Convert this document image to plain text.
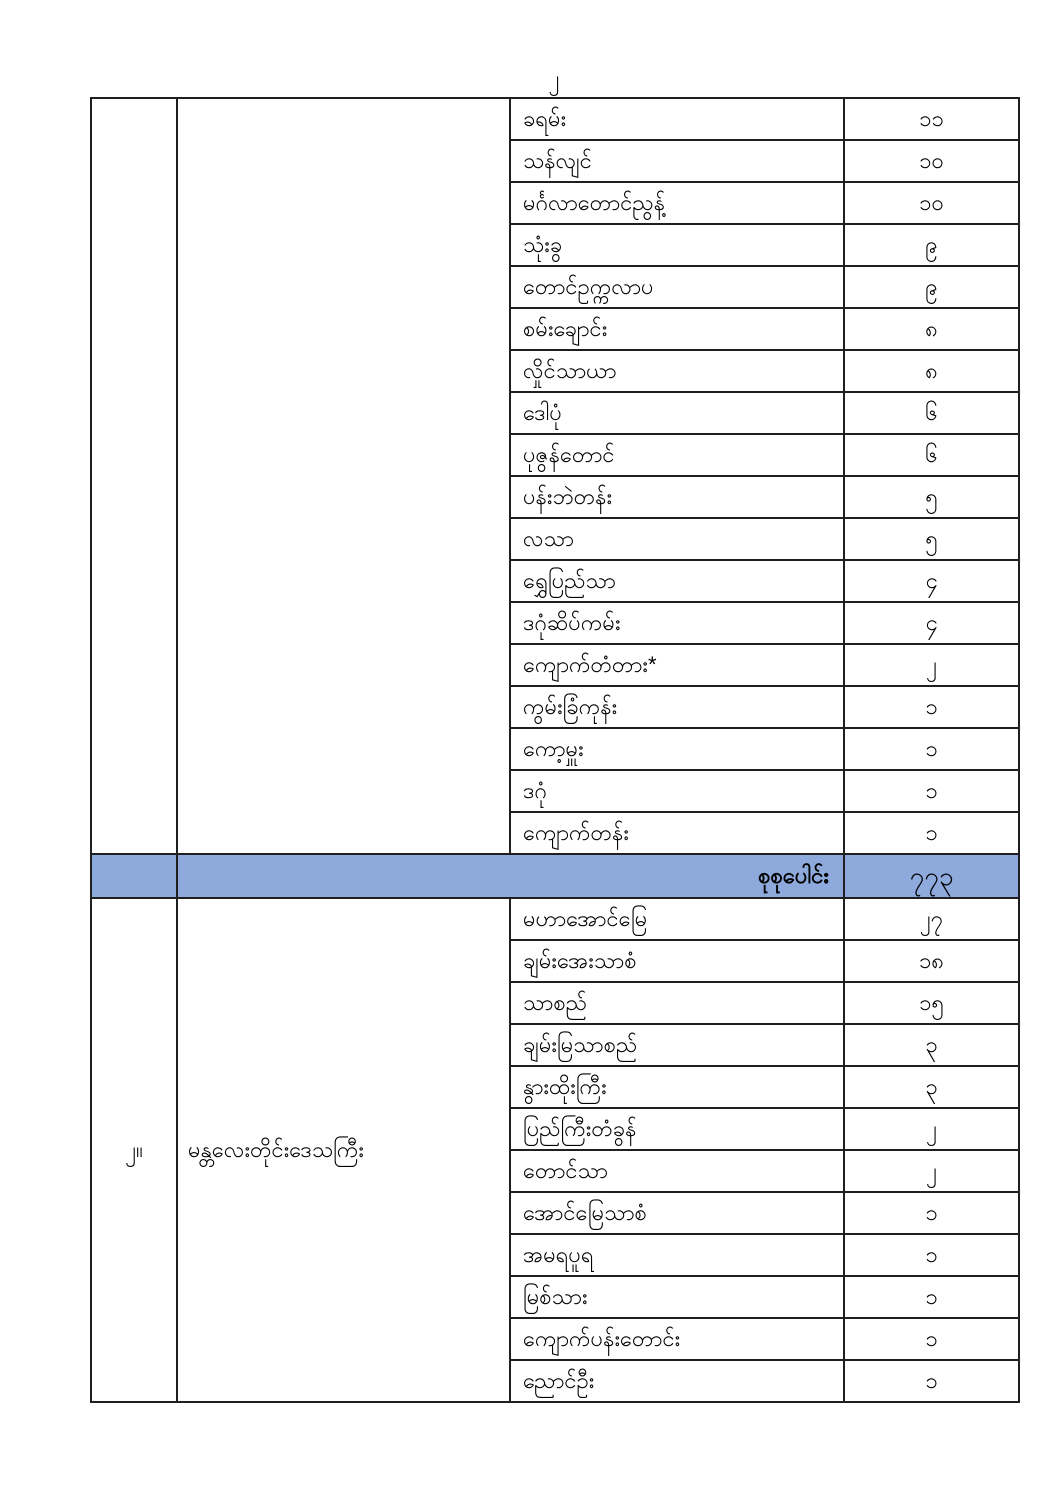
၂
		ခရမ်း	၁၁
		သန်လျင်	၁၀
		မင်္ဂလာတောင်ညွန့်	၁၀
		သုံးခွ	၉
		တောင်ဥက္ကလာပ	၉
		စမ်းချောင်း	၈
		လှိုင်သာယာ	၈
		ဒေါပုံ	၆
		ပုဇွန်တောင်	၆
		ပန်းဘဲတန်း	၅
		လသာ	၅
		ရွှေပြည်သာ	၄
		ဒဂုံဆိပ်ကမ်း	၄
		ကျောက်တံတား*	၂
		ကွမ်းခြံကုန်း	၁
		ကော့မှူး	၁
		ဒဂုံ	၁
		ကျောက်တန်း	၁
	စုစုပေါင်း		၇၇၃
၂။	မန္တလေးတိုင်းဒေသကြီး	မဟာအောင်မြေ	၂၇
		ချမ်းအေးသာစံ	၁၈
		သာစည်	၁၅
		ချမ်းမြသာစည်	၃
		နွားထိုးကြီး	၃
		ပြည်ကြီးတံခွန်	၂
		တောင်သာ	၂
		အောင်မြေသာစံ	၁
		အမရပူရ	၁
		မြစ်သား	၁
		ကျောက်ပန်းတောင်း	၁
		ညောင်ဦး	၁
